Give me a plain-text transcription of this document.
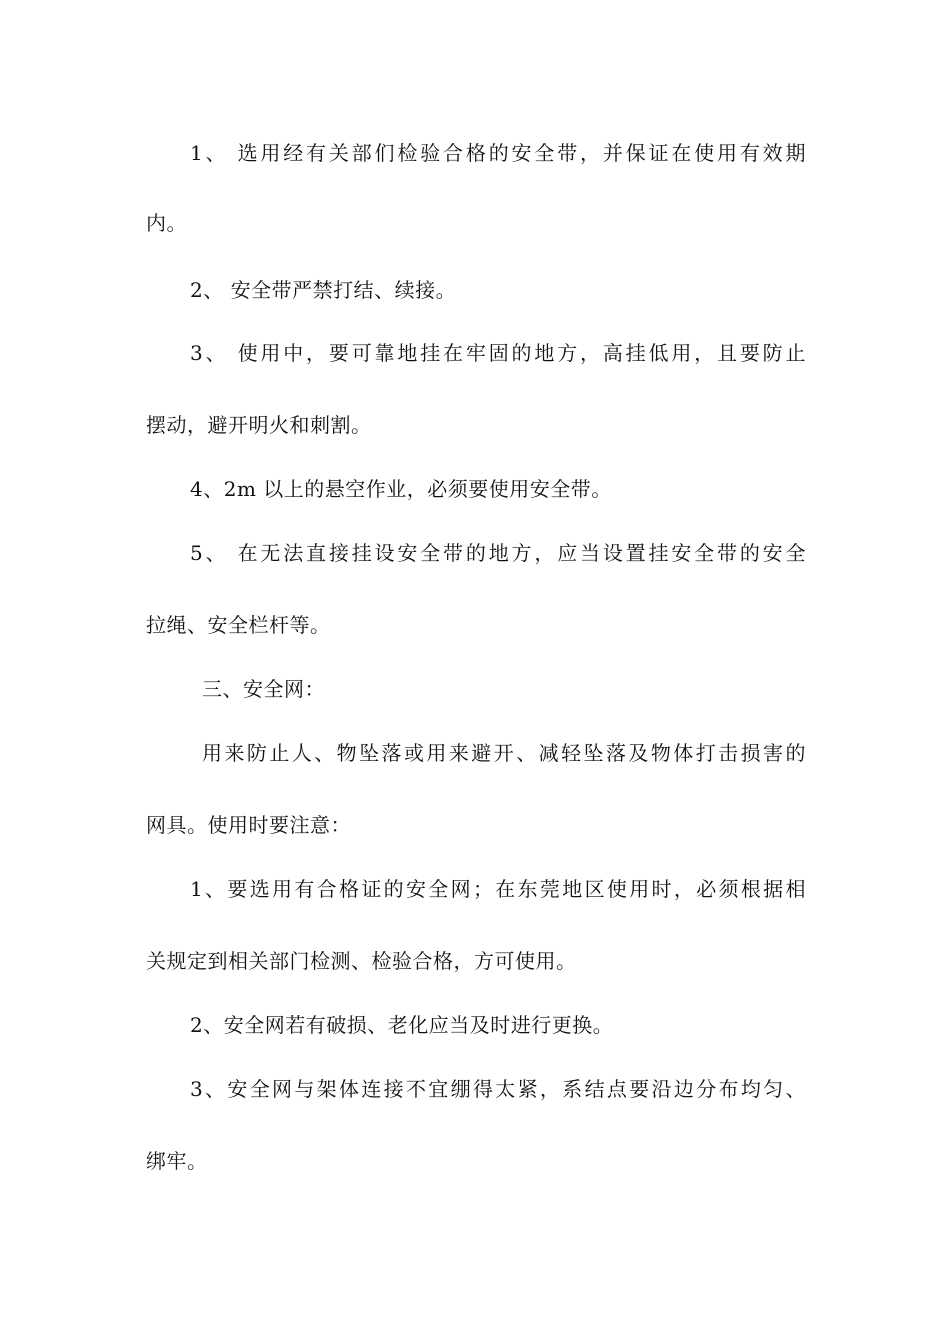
1、 选用经有关部们检验合格的安全带，并保证在使用有效期
内。
2、 安全带严禁打结、续接。
3、 使用中，要可靠地挂在牢固的地方，高挂低用，且要防止
摆动，避开明火和刺割。
4、2m 以上的悬空作业，必须要使用安全带。
5、 在无法直接挂设安全带的地方，应当设置挂安全带的安全
拉绳、安全栏杆等。
三、安全网：
用来防止人、物坠落或用来避开、减轻坠落及物体打击损害的
网具。使用时要注意：
1、要选用有合格证的安全网；在东莞地区使用时，必须根据相
关规定到相关部门检测、检验合格，方可使用。
2、安全网若有破损、老化应当及时进行更换。
3、安全网与架体连接不宜绷得太紧，系结点要沿边分布均匀、
绑牢。
